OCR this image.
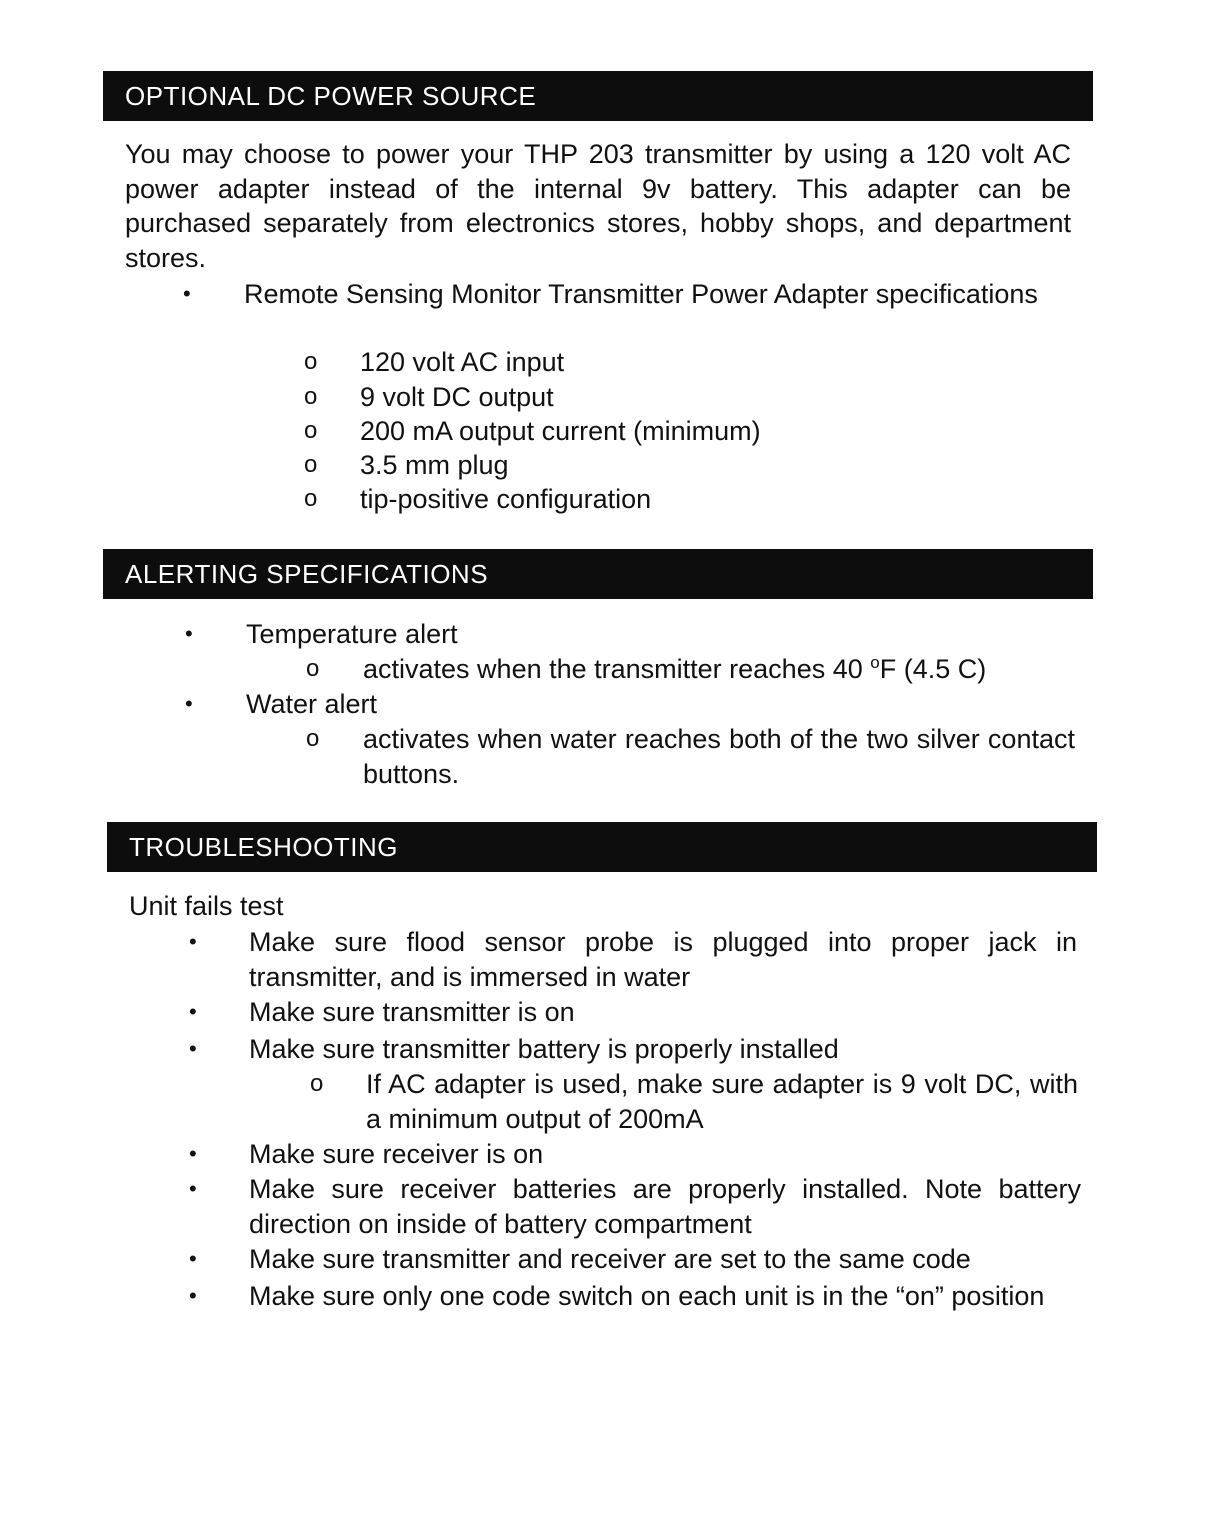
OPTIONAL DC POWER SOURCE
You may choose to power your THP 203 transmitter by using a 120 volt AC power adapter instead of the internal 9v battery. This adapter can be purchased separately from electronics stores, hobby shops, and department stores.
• Remote Sensing Monitor Transmitter Power Adapter specifications
o 120 volt AC input
o 9 volt DC output
o 200 mA output current (minimum)
o 3.5 mm plug
o tip-positive configuration
ALERTING SPECIFICATIONS
• Temperature alert
o activates when the transmitter reaches 40 $^o$F (4.5 C)
• Water alert
o activates when water reaches both of the two silver contact buttons.
TROUBLESHOOTING
Unit fails test
• Make sure flood sensor probe is plugged into proper jack in transmitter, and is immersed in water
• Make sure transmitter is on
• Make sure transmitter battery is properly installed
o If AC adapter is used, make sure adapter is 9 volt DC, with a minimum output of 200mA
• Make sure receiver is on
• Make sure receiver batteries are properly installed. Note battery direction on inside of battery compartment
• Make sure transmitter and receiver are set to the same code
• Make sure only one code switch on each unit is in the “on” position
